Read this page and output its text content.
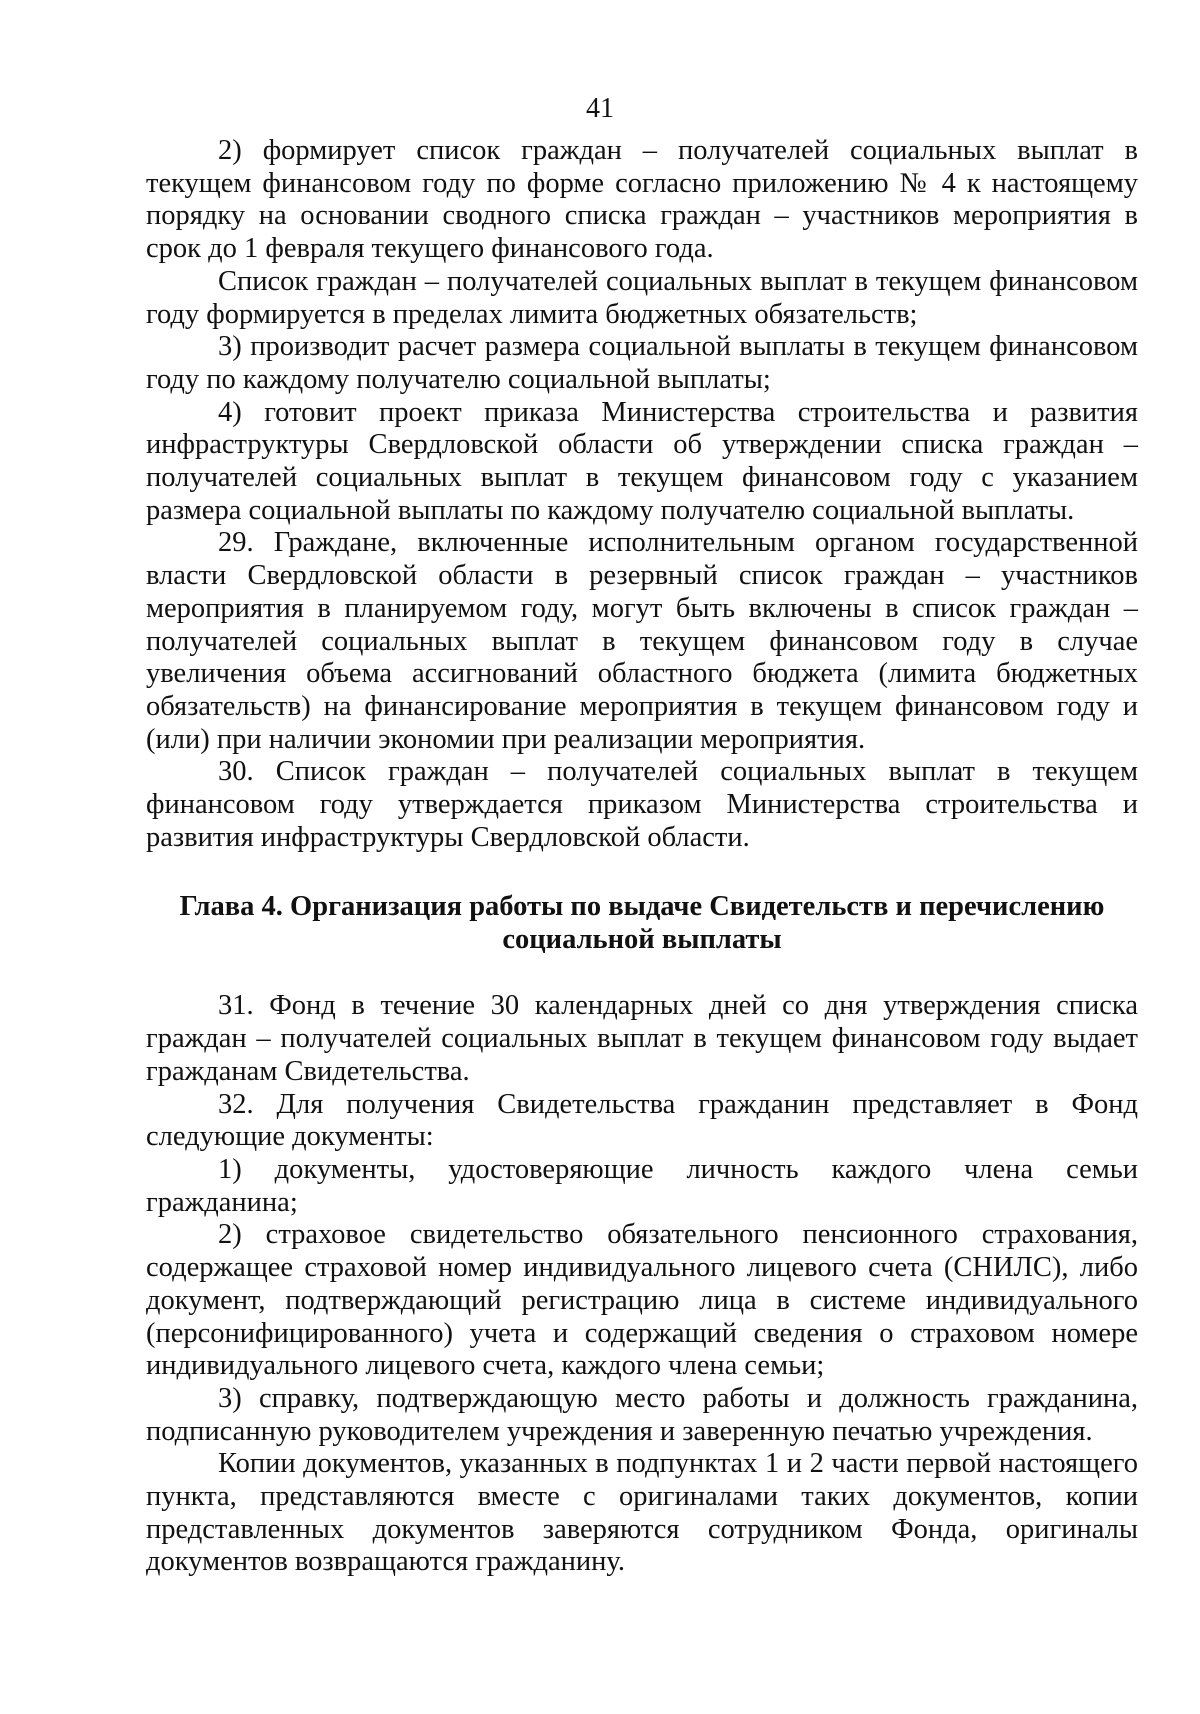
41

2) формирует список граждан – получателей социальных выплат в текущем финансовом году по форме согласно приложению № 4 к настоящему порядку на основании сводного списка граждан – участников мероприятия в срок до 1 февраля текущего финансового года.

Список граждан – получателей социальных выплат в текущем финансовом году формируется в пределах лимита бюджетных обязательств;

3) производит расчет размера социальной выплаты в текущем финансовом году по каждому получателю социальной выплаты;

4) готовит проект приказа Министерства строительства и развития инфраструктуры Свердловской области об утверждении списка граждан – получателей социальных выплат в текущем финансовом году с указанием размера социальной выплаты по каждому получателю социальной выплаты.

29. Граждане, включенные исполнительным органом государственной власти Свердловской области в резервный список граждан – участников мероприятия в планируемом году, могут быть включены в список граждан – получателей социальных выплат в текущем финансовом году в случае увеличения объема ассигнований областного бюджета (лимита бюджетных обязательств) на финансирование мероприятия в текущем финансовом году и (или) при наличии экономии при реализации мероприятия.

30. Список граждан – получателей социальных выплат в текущем финансовом году утверждается приказом Министерства строительства и развития инфраструктуры Свердловской области.

Глава 4. Организация работы по выдаче Свидетельств и перечислению
социальной выплаты

31. Фонд в течение 30 календарных дней со дня утверждения списка граждан – получателей социальных выплат в текущем финансовом году выдает гражданам Свидетельства.

32. Для получения Свидетельства гражданин представляет в Фонд следующие документы:

1) документы, удостоверяющие личность каждого члена семьи гражданина;

2) страховое свидетельство обязательного пенсионного страхования, содержащее страховой номер индивидуального лицевого счета (СНИЛС), либо документ, подтверждающий регистрацию лица в системе индивидуального (персонифицированного) учета и содержащий сведения о страховом номере индивидуального лицевого счета, каждого члена семьи;

3) справку, подтверждающую место работы и должность гражданина, подписанную руководителем учреждения и заверенную печатью учреждения.

Копии документов, указанных в подпунктах 1 и 2 части первой настоящего пункта, представляются вместе с оригиналами таких документов, копии представленных документов заверяются сотрудником Фонда, оригиналы документов возвращаются гражданину.
